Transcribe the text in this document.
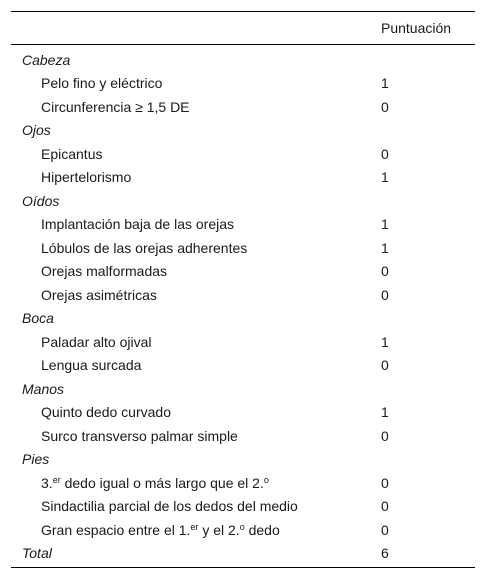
	Puntuación
Cabeza	
Pelo fino y eléctrico	1
Circunferencia ≥ 1,5 DE	0
Ojos	
Epicantus	0
Hipertelorismo	1
Oídos	
Implantación baja de las orejas	1
Lóbulos de las orejas adherentes	1
Orejas malformadas	0
Orejas asimétricas	0
Boca	
Paladar alto ojival	1
Lengua surcada	0
Manos	
Quinto dedo curvado	1
Surco transverso palmar simple	0
Pies	
3.$^{er}$ dedo igual o más largo que el 2.$^o$	0
Sindactilia parcial de los dedos del medio	0
Gran espacio entre el 1.$^{er}$ y el 2.$^o$ dedo	0
Total	6
